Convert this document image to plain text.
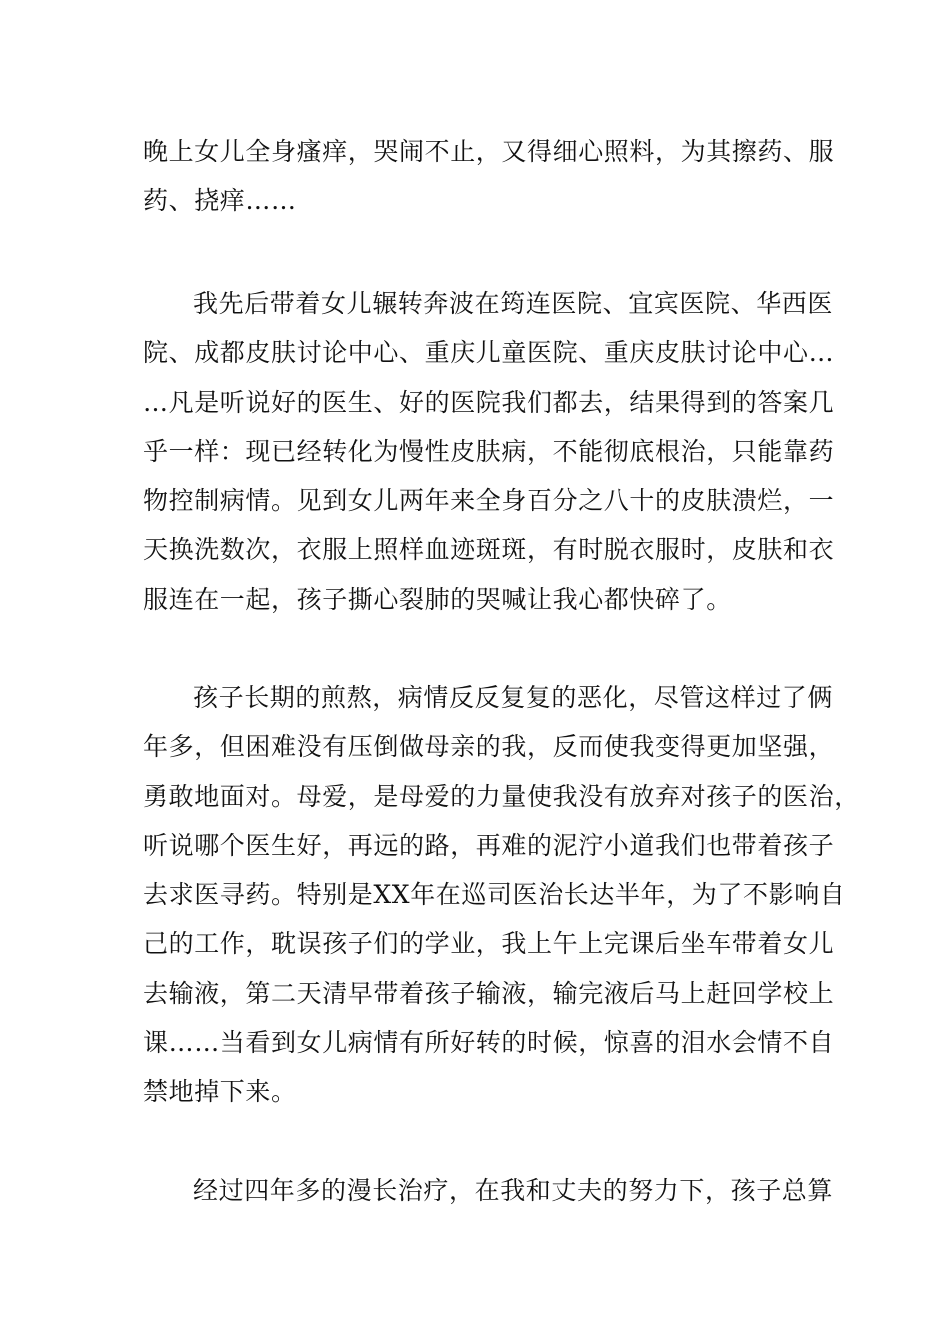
晚上女儿全身瘙痒，哭闹不止，又得细心照料，为其擦药、服
药、挠痒……

我先后带着女儿辗转奔波在筠连医院、宜宾医院、华西医
院、成都皮肤讨论中心、重庆儿童医院、重庆皮肤讨论中心…
…凡是听说好的医生、好的医院我们都去，结果得到的答案几
乎一样：现已经转化为慢性皮肤病，不能彻底根治，只能靠药
物控制病情。见到女儿两年来全身百分之八十的皮肤溃烂，一
天换洗数次，衣服上照样血迹斑斑，有时脱衣服时，皮肤和衣
服连在一起，孩子撕心裂肺的哭喊让我心都快碎了。

孩子长期的煎熬，病情反反复复的恶化，尽管这样过了俩
年多，但困难没有压倒做母亲的我，反而使我变得更加坚强，
勇敢地面对。母爱，是母爱的力量使我没有放弃对孩子的医治，
听说哪个医生好，再远的路，再难的泥泞小道我们也带着孩子
去求医寻药。特别是XX年在巡司医治长达半年，为了不影响自
己的工作，耽误孩子们的学业，我上午上完课后坐车带着女儿
去输液，第二天清早带着孩子输液，输完液后马上赶回学校上
课……当看到女儿病情有所好转的时候，惊喜的泪水会情不自
禁地掉下来。

经过四年多的漫长治疗，在我和丈夫的努力下，孩子总算
